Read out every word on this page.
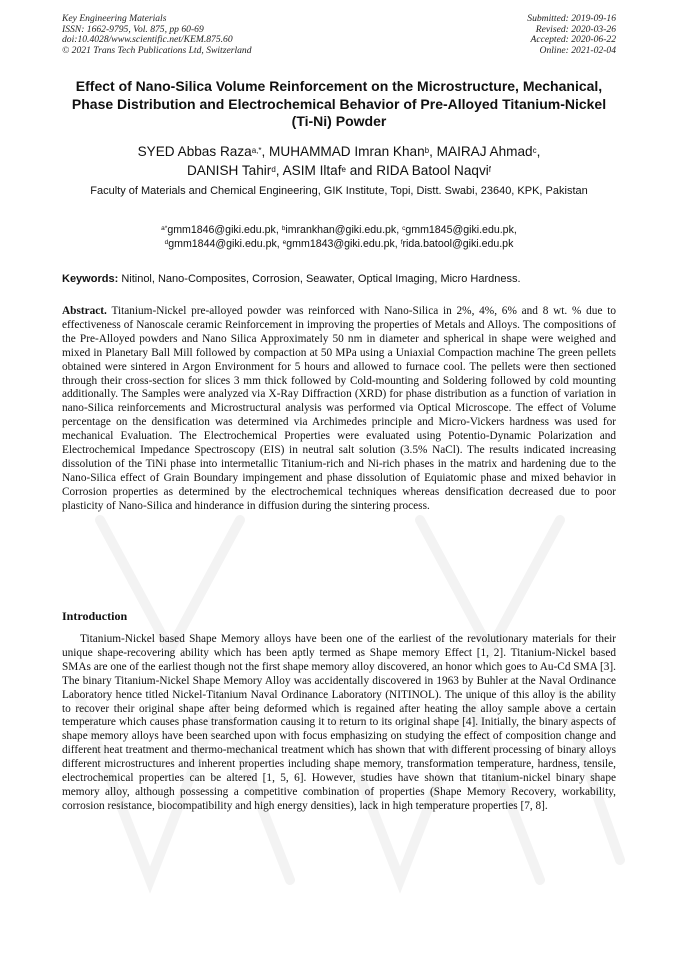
Key Engineering Materials
ISSN: 1662-9795, Vol. 875, pp 60-69
doi:10.4028/www.scientific.net/KEM.875.60
© 2021 Trans Tech Publications Ltd, Switzerland
Submitted: 2019-09-16
Revised: 2020-03-26
Accepted: 2020-06-22
Online: 2021-02-04
Effect of Nano-Silica Volume Reinforcement on the Microstructure, Mechanical, Phase Distribution and Electrochemical Behavior of Pre-Alloyed Titanium-Nickel (Ti-Ni) Powder
SYED Abbas Raza$^{a,*}$, MUHAMMAD Imran Khan$^b$, MAIRAJ Ahmad$^c$,
DANISH Tahir$^d$, ASIM Iltaf$^e$ and RIDA Batool Naqvi$^f$
Faculty of Materials and Chemical Engineering, GIK Institute, Topi, Distt. Swabi, 23640, KPK, Pakistan
$^{a*}$gmm1846@giki.edu.pk, $^b$imrankhan@giki.edu.pk, $^c$gmm1845@giki.edu.pk,
$^d$gmm1844@giki.edu.pk, $^e$gmm1843@giki.edu.pk, $^f$rida.batool@giki.edu.pk
Keywords: Nitinol, Nano-Composites, Corrosion, Seawater, Optical Imaging, Micro Hardness.
Abstract. Titanium-Nickel pre-alloyed powder was reinforced with Nano-Silica in 2%, 4%, 6% and 8 wt. % due to effectiveness of Nanoscale ceramic Reinforcement in improving the properties of Metals and Alloys. The compositions of the Pre-Alloyed powders and Nano Silica Approximately 50 nm in diameter and spherical in shape were weighed and mixed in Planetary Ball Mill followed by compaction at 50 MPa using a Uniaxial Compaction machine The green pellets obtained were sintered in Argon Environment for 5 hours and allowed to furnace cool. The pellets were then sectioned through their cross-section for slices 3 mm thick followed by Cold-mounting and Soldering followed by cold mounting additionally. The Samples were analyzed via X-Ray Diffraction (XRD) for phase distribution as a function of variation in nano-Silica reinforcements and Microstructural analysis was performed via Optical Microscope. The effect of Volume percentage on the densification was determined via Archimedes principle and Micro-Vickers hardness was used for mechanical Evaluation. The Electrochemical Properties were evaluated using Potentio-Dynamic Polarization and Electrochemical Impedance Spectroscopy (EIS) in neutral salt solution (3.5% NaCl). The results indicated increasing dissolution of the TiNi phase into intermetallic Titanium-rich and Ni-rich phases in the matrix and hardening due to the Nano-Silica effect of Grain Boundary impingement and phase dissolution of Equiatomic phase and mixed behavior in Corrosion properties as determined by the electrochemical techniques whereas densification decreased due to poor plasticity of Nano-Silica and hinderance in diffusion during the sintering process.
Introduction
Titanium-Nickel based Shape Memory alloys have been one of the earliest of the revolutionary materials for their unique shape-recovering ability which has been aptly termed as Shape memory Effect [1, 2]. Titanium-Nickel based SMAs are one of the earliest though not the first shape memory alloy discovered, an honor which goes to Au-Cd SMA [3]. The binary Titanium-Nickel Shape Memory Alloy was accidentally discovered in 1963 by Buhler at the Naval Ordinance Laboratory hence titled Nickel-Titanium Naval Ordinance Laboratory (NITINOL). The unique of this alloy is the ability to recover their original shape after being deformed which is regained after heating the alloy sample above a certain temperature which causes phase transformation causing it to return to its original shape [4]. Initially, the binary aspects of shape memory alloys have been searched upon with focus emphasizing on studying the effect of composition change and different heat treatment and thermo-mechanical treatment which has shown that with different processing of binary alloys different microstructures and inherent properties including shape memory, transformation temperature, hardness, tensile, electrochemical properties can be altered [1, 5, 6]. However, studies have shown that titanium-nickel binary shape memory alloy, although possessing a competitive combination of properties (Shape Memory Recovery, workability, corrosion resistance, biocompatibility and high energy densities), lack in high temperature properties [7, 8].
